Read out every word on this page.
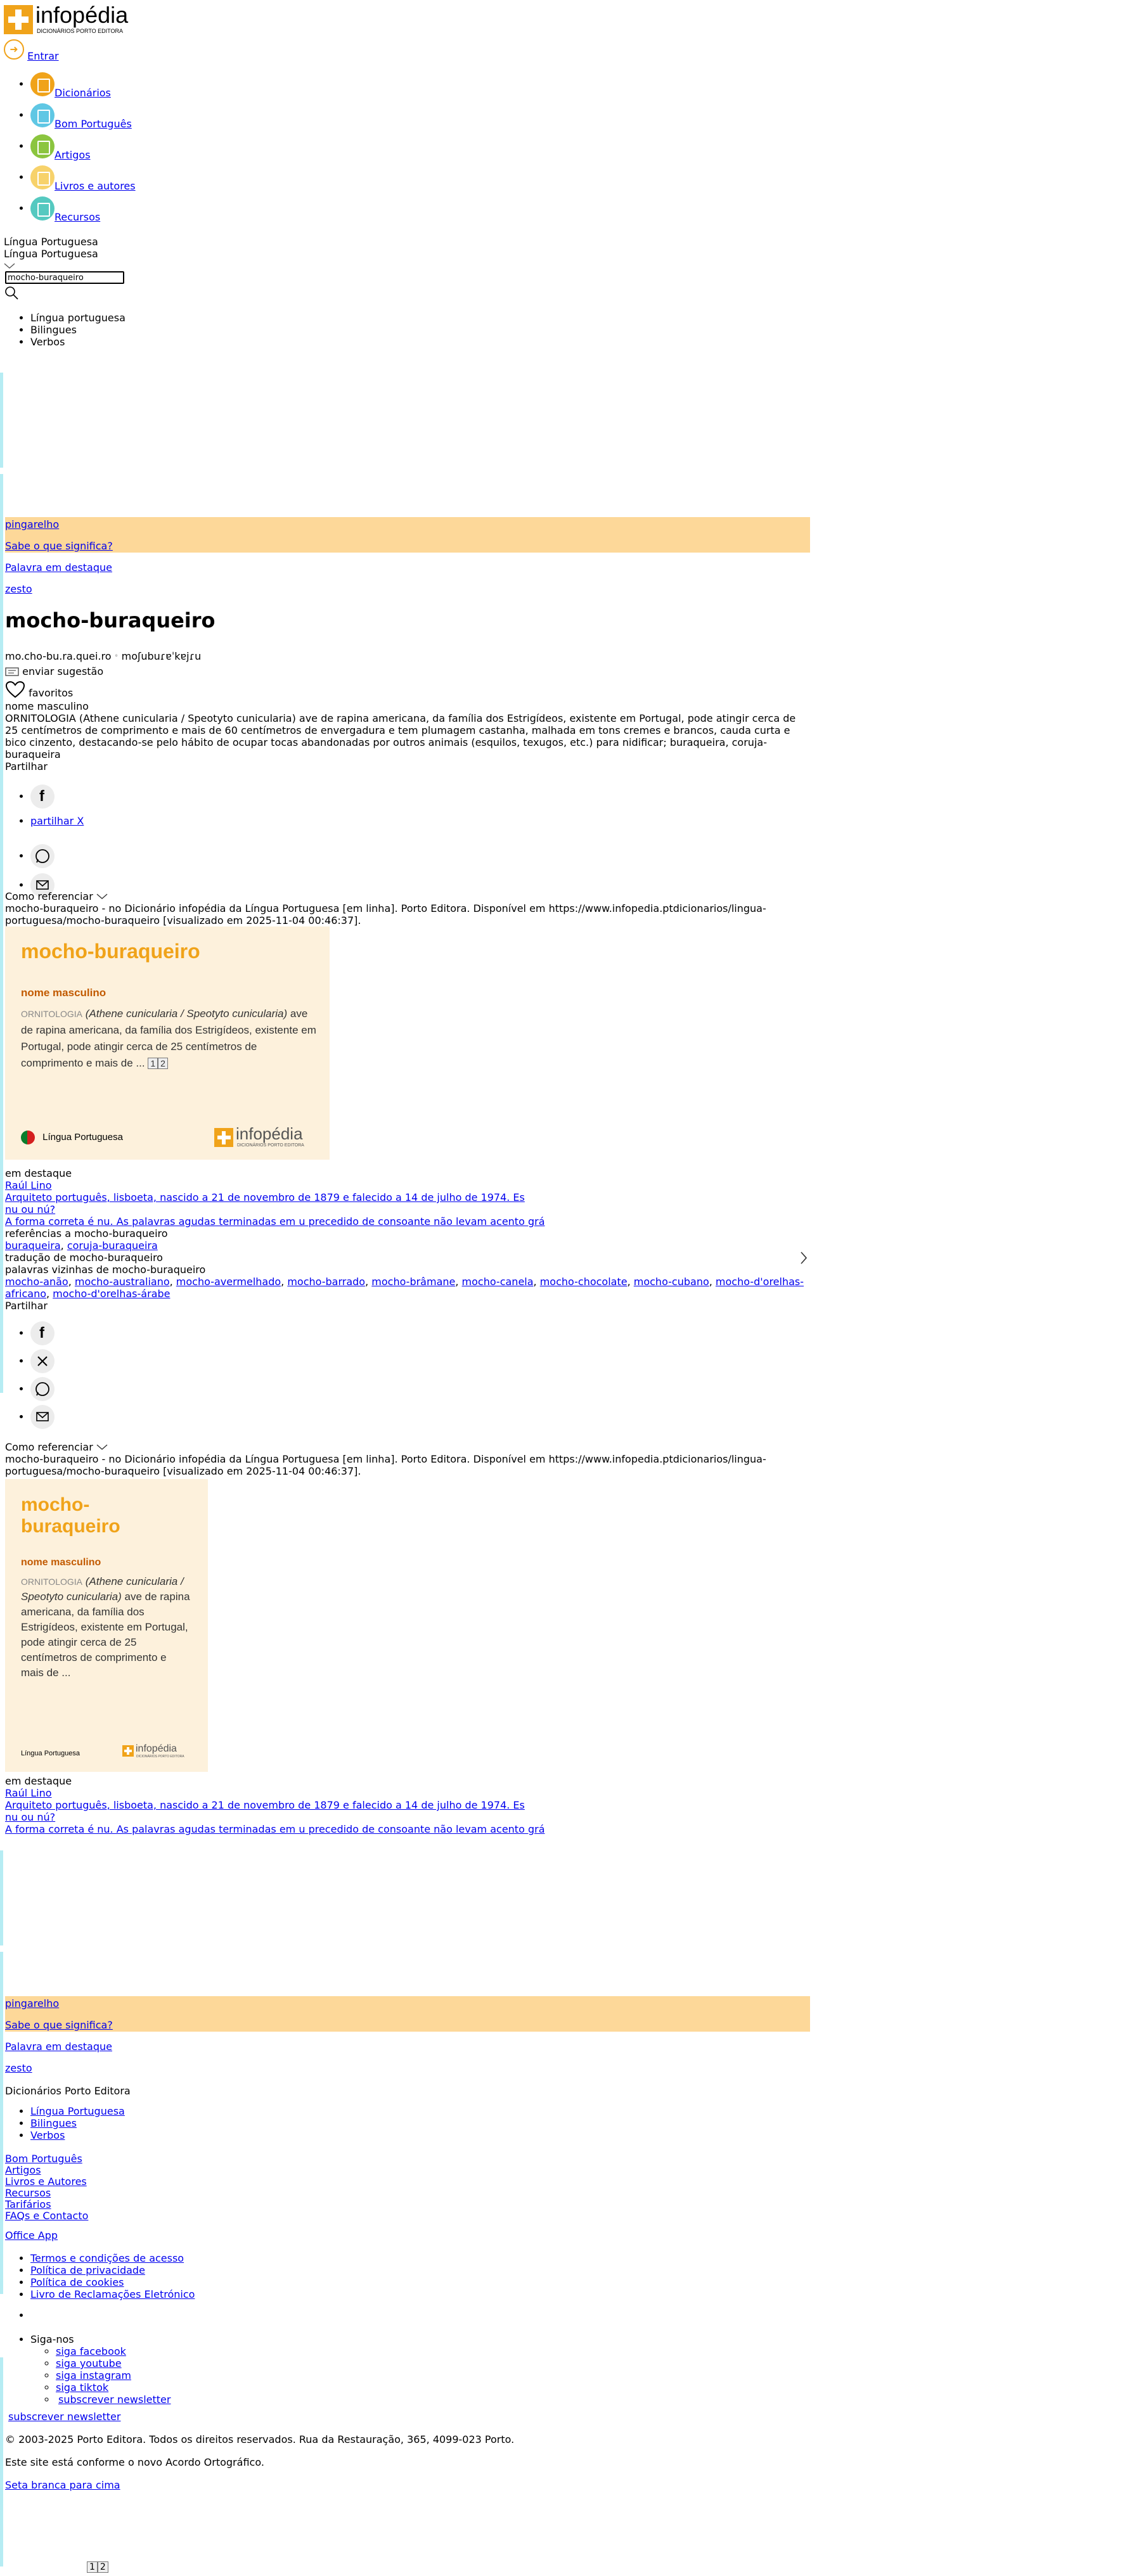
infopédia
DICIONÁRIOS PORTO EDITORA
➜ Entrar
• Dicionários
• Bom Português
• Artigos
• Livros e autores
• Recursos
Língua Portuguesa
Língua Portuguesa
mocho-buraqueiro
• Língua portuguesa
• Bilingues
• Verbos
pingarelho
Sabe o que significa?
Palavra em destaque
zesto
mocho-buraqueiro
mo.cho-bu.ra.quei.ro ◦ moʃubuɾɐˈkɐjɾu
enviar sugestão
favoritos
nome masculino
ORNITOLOGIA (Athene cunicularia / Speotyto cunicularia) ave de rapina americana, da família dos Estrigídeos, existente em Portugal, pode atingir cerca de 25 centímetros de comprimento e mais de 60 centímetros de envergadura e tem plumagem castanha, malhada em tons cremes e brancos, cauda curta e bico cinzento, destacando-se pelo hábito de ocupar tocas abandonadas por outros animais (esquilos, texugos, etc.) para nidificar; buraqueira, coruja-buraqueira
Partilhar
• f
• partilhar X
•
•
Como referenciar
mocho-buraqueiro - no Dicionário infopédia da Língua Portuguesa [em linha]. Porto Editora. Disponível em https://www.infopedia.ptdicionarios/lingua-portuguesa/mocho-buraqueiro [visualizado em 2025-11-04 00:46:37].
mocho-buraqueiro
nome masculino
ORNITOLOGIA (Athene cunicularia / Speotyto cunicularia) ave de rapina americana, da família dos Estrigídeos, existente em Portugal, pode atingir cerca de 25 centímetros de comprimento e mais de ... 1 2
Língua Portuguesa	infopédia
DICIONÁRIOS PORTO EDITORA
em destaque
Raúl Lino
Arquiteto português, lisboeta, nascido a 21 de novembro de 1879 e falecido a 14 de julho de 1974. Es
nu ou nú?
A forma correta é nu. As palavras agudas terminadas em u precedido de consoante não levam acento grá
referências a mocho-buraqueiro
buraqueira, coruja-buraqueira
tradução de mocho-buraqueiro
palavras vizinhas de mocho-buraqueiro
mocho-anão, mocho-australiano, mocho-avermelhado, mocho-barrado, mocho-brâmane, mocho-canela, mocho-chocolate, mocho-cubano, mocho-d'orelhas-africano, mocho-d'orelhas-árabe
Partilhar
• f
•
•
•
Como referenciar
mocho-buraqueiro - no Dicionário infopédia da Língua Portuguesa [em linha]. Porto Editora. Disponível em https://www.infopedia.ptdicionarios/lingua-portuguesa/mocho-buraqueiro [visualizado em 2025-11-04 00:46:37].
mocho-buraqueiro
nome masculino
ORNITOLOGIA (Athene cunicularia / Speotyto cunicularia) ave de rapina americana, da família dos Estrigídeos, existente em Portugal, pode atingir cerca de 25 centímetros de comprimento e mais de ...
Língua Portuguesa	infopédia
DICIONÁRIOS PORTO EDITORA
em destaque
Raúl Lino
Arquiteto português, lisboeta, nascido a 21 de novembro de 1879 e falecido a 14 de julho de 1974. Es
nu ou nú?
A forma correta é nu. As palavras agudas terminadas em u precedido de consoante não levam acento grá
pingarelho
Sabe o que significa?
Palavra em destaque
zesto
Dicionários Porto Editora
• Língua Portuguesa
• Bilingues
• Verbos
Bom Português
Artigos
Livros e Autores
Recursos
Tarifários
FAQs e Contacto
Office App
• Termos e condições de acesso
• Política de privacidade
• Política de cookies
• Livro de Reclamações Eletrónico
• Siga-nos
◦ siga facebook
◦ siga youtube
◦ siga instagram
◦ siga tiktok
◦ subscrever newsletter
subscrever newsletter
© 2003-2025 Porto Editora. Todos os direitos reservados. Rua da Restauração, 365, 4099-023 Porto.
Este site está conforme o novo Acordo Ortográfico.
Seta branca para cima
1 2
